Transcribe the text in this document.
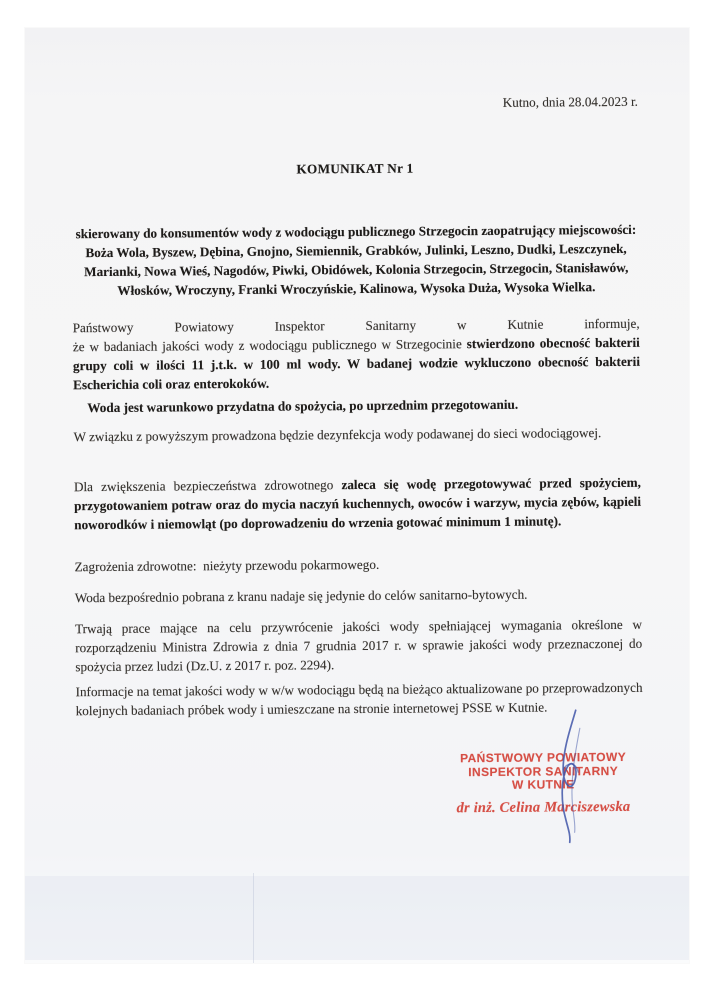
Kutno, dnia 28.04.2023 r.
KOMUNIKAT Nr 1
skierowany do konsumentów wody z wodociągu publicznego Strzegocin zaopatrujący miejscowości: Boża Wola, Byszew, Dębina, Gnojno, Siemiennik, Grabków, Julinki, Leszno, Dudki, Leszczynek, Marianki, Nowa Wieś, Nagodów, Piwki, Obidówek, Kolonia Strzegocin, Strzegocin, Stanisławów, Włosków, Wroczyny, Franki Wroczyńskie, Kalinowa, Wysoka Duża, Wysoka Wielka.
Państwowy Powiatowy Inspektor Sanitarny w Kutnie informuje,
że w badaniach jakości wody z wodociągu publicznego w Strzegocinie stwierdzono obecność bakterii grupy coli w ilości 11 j.t.k. w 100 ml wody. W badanej wodzie wykluczono obecność bakterii Escherichia coli oraz enterokoków.
Woda jest warunkowo przydatna do spożycia, po uprzednim przegotowaniu.
W związku z powyższym prowadzona będzie dezynfekcja wody podawanej do sieci wodociągowej.
Dla zwiększenia bezpieczeństwa zdrowotnego zaleca się wodę przegotowywać przed spożyciem, przygotowaniem potraw oraz do mycia naczyń kuchennych, owoców i warzyw, mycia zębów, kąpieli noworodków i niemowląt (po doprowadzeniu do wrzenia gotować minimum 1 minutę).
Zagrożenia zdrowotne:  nieżyty przewodu pokarmowego.
Woda bezpośrednio pobrana z kranu nadaje się jedynie do celów sanitarno-bytowych.
Trwają prace mające na celu przywrócenie jakości wody spełniającej wymagania określone w rozporządzeniu Ministra Zdrowia z dnia 7 grudnia 2017 r. w sprawie jakości wody przeznaczonej do spożycia przez ludzi (Dz.U. z 2017 r. poz. 2294).
Informacje na temat jakości wody w w/w wodociągu będą na bieżąco aktualizowane po przeprowadzonych kolejnych badaniach próbek wody i umieszczane na stronie internetowej PSSE w Kutnie.
PAŃSTWOWY POWIATOWY
INSPEKTOR SANITARNY
W KUTNIE
dr inż. Celina Marciszewska
